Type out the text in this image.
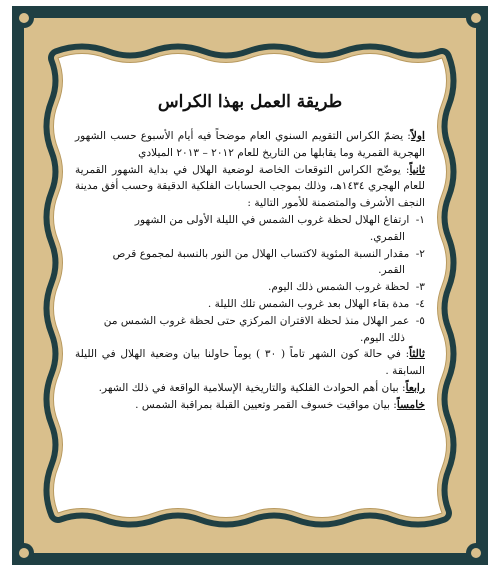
طريقة العمل بهذا الكراس

اولاً: يضمّ الكراس التقويم السنوي العام موضحاً فيه أيام الأسبوع حسب الشهور الهجرية القمرية وما يقابلها من التاريخ للعام ٢٠١٢ – ٢٠١٣ الميلادي

ثانياً: يوضّح الكراس التوقعات الخاصة لوضعية الهلال في بداية الشهور القمرية للعام الهجري ١٤٣٤هـ، وذلك بموجب الحسابات الفلكية الدقيقة وحسب أفق مدينة النجف الأشرف والمتضمنة للأمور التالية :

١- ارتفاع الهلال لحظة غروب الشمس في الليلة الأولى من الشهور
القمري.

٢- مقدار النسبة المئوية لاكتساب الهلال من النور بالنسبة لمجموع قرص
القمر.

٣- لحظة غروب الشمس ذلك اليوم.

٤- مدة بقاء الهلال بعد غروب الشمس تلك الليلة .

٥- عمر الهلال منذ لحظة الاقتران المركزي حتى لحظة غروب الشمس من
ذلك اليوم.

ثالثاً: في حالة كون الشهر تاماً ( ٣٠ ) يوماً حاولنا بيان وضعية الهلال في الليلة السابقة .

رابعاً: بيان أهم الحوادث الفلكية والتاريخية الإسلامية الواقعة في ذلك الشهر.

خامساً: بيان مواقيت خسوف القمر وتعيين القبلة بمراقبة الشمس .
